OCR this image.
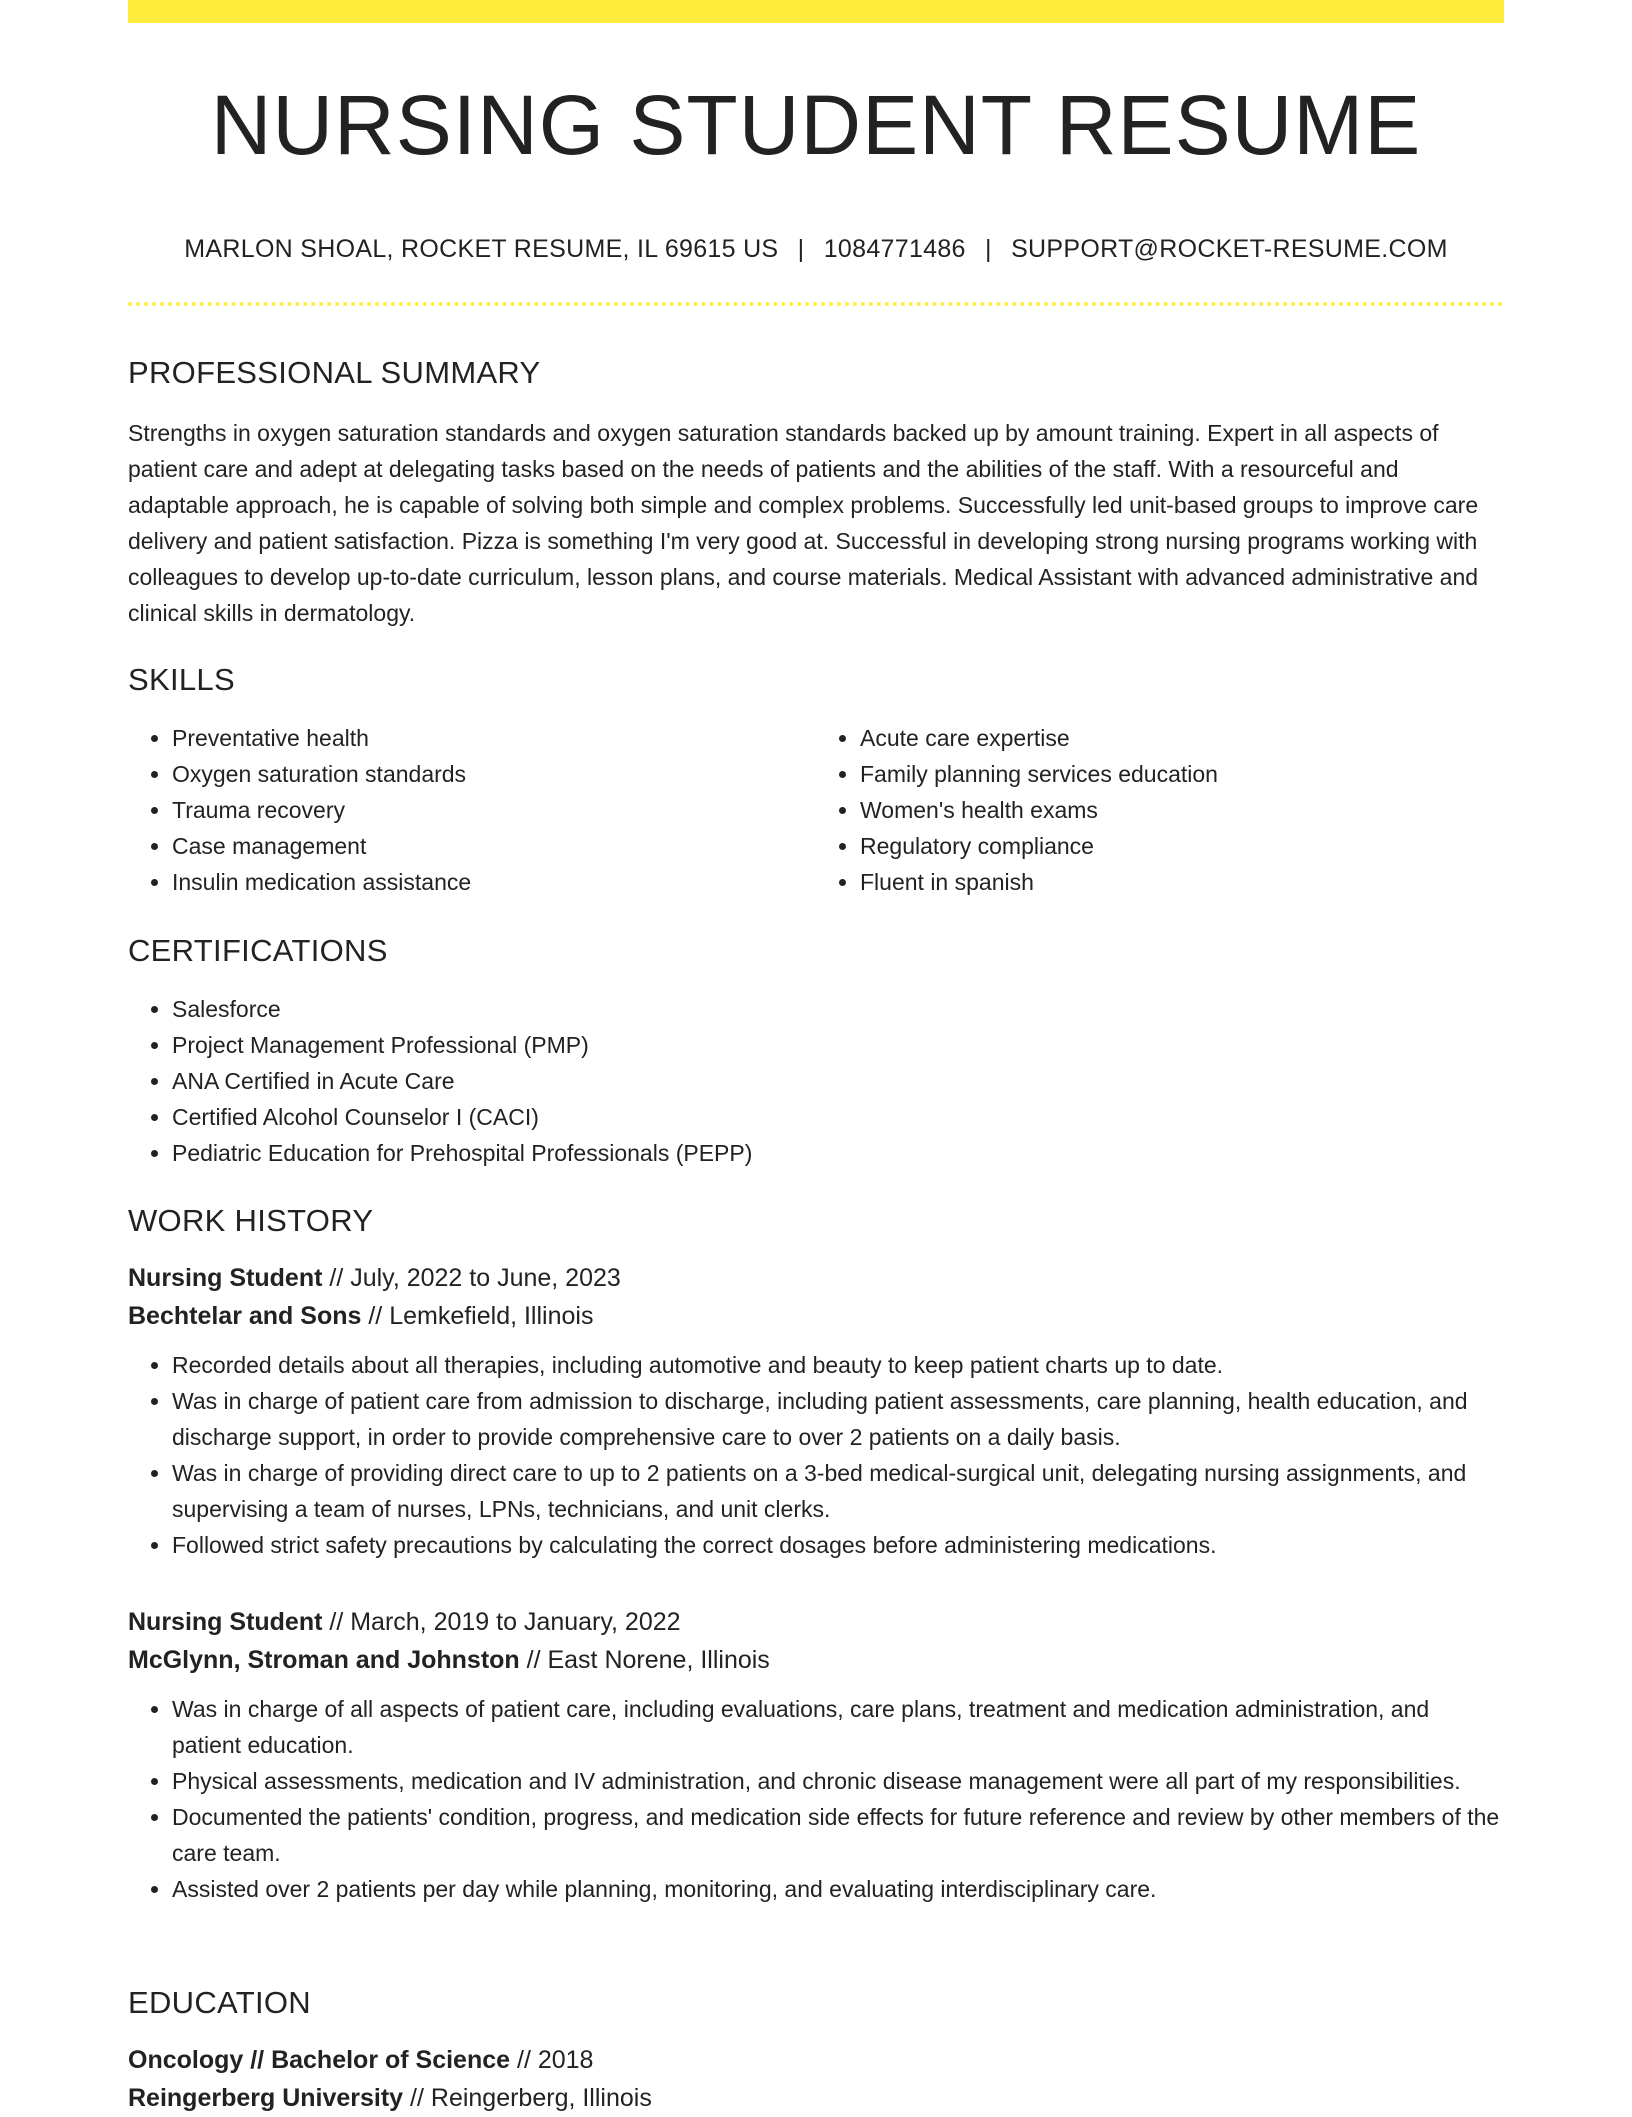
NURSING STUDENT RESUME
MARLON SHOAL, ROCKET RESUME, IL 69615 US | 1084771486 | SUPPORT@ROCKET-RESUME.COM
PROFESSIONAL SUMMARY

Strengths in oxygen saturation standards and oxygen saturation standards backed up by amount training. Expert in all aspects of patient care and adept at delegating tasks based on the needs of patients and the abilities of the staff. With a resourceful and adaptable approach, he is capable of solving both simple and complex problems. Successfully led unit-based groups to improve care delivery and patient satisfaction. Pizza is something I'm very good at. Successful in developing strong nursing programs working with colleagues to develop up-to-date curriculum, lesson plans, and course materials. Medical Assistant with advanced administrative and clinical skills in dermatology.

SKILLS
• Preventative health
• Oxygen saturation standards
• Trauma recovery
• Case management
• Insulin medication assistance
• Acute care expertise
• Family planning services education
• Women's health exams
• Regulatory compliance
• Fluent in spanish
CERTIFICATIONS
• Salesforce
• Project Management Professional (PMP)
• ANA Certified in Acute Care
• Certified Alcohol Counselor I (CACI)
• Pediatric Education for Prehospital Professionals (PEPP)
WORK HISTORY
Nursing Student // July, 2022 to June, 2023
Bechtelar and Sons // Lemkefield, Illinois
• Recorded details about all therapies, including automotive and beauty to keep patient charts up to date.
• Was in charge of patient care from admission to discharge, including patient assessments, care planning, health education, and discharge support, in order to provide comprehensive care to over 2 patients on a daily basis.
• Was in charge of providing direct care to up to 2 patients on a 3-bed medical-surgical unit, delegating nursing assignments, and supervising a team of nurses, LPNs, technicians, and unit clerks.
• Followed strict safety precautions by calculating the correct dosages before administering medications.
Nursing Student // March, 2019 to January, 2022
McGlynn, Stroman and Johnston // East Norene, Illinois
• Was in charge of all aspects of patient care, including evaluations, care plans, treatment and medication administration, and patient education.
• Physical assessments, medication and IV administration, and chronic disease management were all part of my responsibilities.
• Documented the patients' condition, progress, and medication side effects for future reference and review by other members of the care team.
• Assisted over 2 patients per day while planning, monitoring, and evaluating interdisciplinary care.
EDUCATION
Oncology // Bachelor of Science // 2018
Reingerberg University // Reingerberg, Illinois
